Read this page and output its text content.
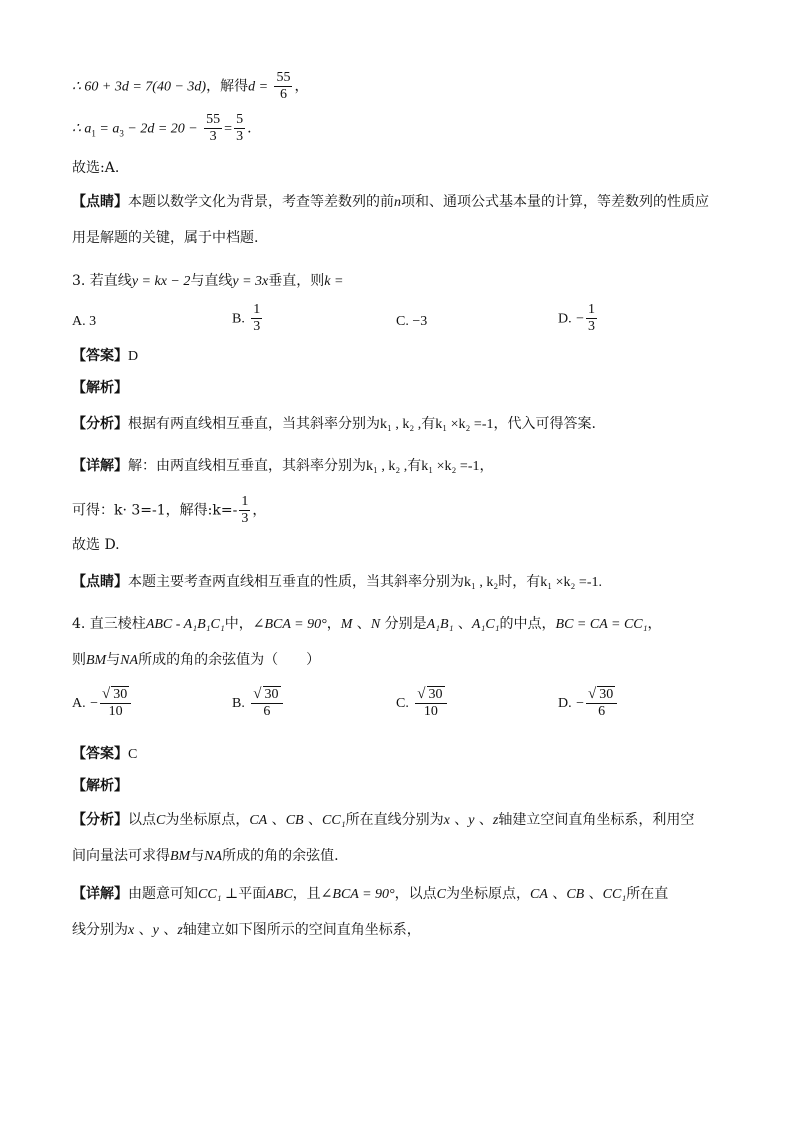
∴ 60 + 3d = 7(40 − 3d)，解得$d = \frac{55}{6}$ ，
∴ $a_1 = a_3 - 2d = 20 - \frac{55}{3} = \frac{5}{3}$ .
故选:A.
【点睛】本题以数学文化为背景，考查等差数列的前n项和、通项公式基本量的计算，等差数列的性质应
用是解题的关键，属于中档题.
3. 若直线y = kx − 2与直线y = 3x垂直，则k =
A. 3	B. $\frac{1}{3}$	C. −3	D. − $\frac{1}{3}$
【答案】D
【解析】
【分析】根据有两直线相互垂直，当其斜率分别为k₁ , k₂ ,有k₁ ×k₂ =-1，代入可得答案.
【详解】解：由两直线相互垂直，其斜率分别为k₁ , k₂ ,有k₁ ×k₂ =-1，
可得：k· 3=-1，解得:k=- $\frac{1}{3}$ ，
故选 D.
【点睛】本题主要考查两直线相互垂直的性质，当其斜率分别为k₁ , k₂时，有k₁ ×k₂ =-1.
4. 直三棱柱ABC - A₁B₁C₁中，∠BCA = 90°，M 、N 分别是A₁B₁ 、A₁C₁的中点，BC = CA = CC₁，
则BM与NA所成的角的余弦值为（　　）
A. − $\frac{√ 30}{10}$	B. $\frac{√ 30}{6}$	C. $\frac{√ 30}{10}$	D. − $\frac{√ 30}{6}$
【答案】C
【解析】
【分析】以点C为坐标原点，CA 、CB 、CC₁所在直线分别为x 、y 、z轴建立空间直角坐标系，利用空
间向量法可求得BM与NA所成的角的余弦值.
【详解】由题意可知CC₁ ⊥平面ABC，且∠BCA = 90°，以点C为坐标原点，CA 、CB 、CC₁所在直
线分别为x 、y 、z轴建立如下图所示的空间直角坐标系，
